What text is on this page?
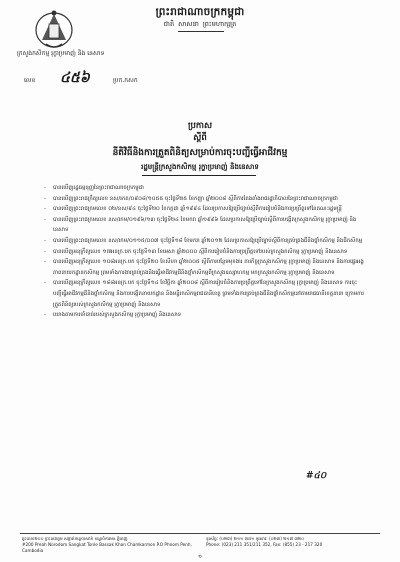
ព្រះរាជាណាចក្រកម្ពុជា
ជាតិ សាសនា ព្រះមហាក្សត្រ
ក្រសួងកសិកម្ម រុក្ខាប្រមាញ់ និង នេសាទ
លេខ ៤៥៦	ប្រក.កសក
ប្រកាស
ស្តីពី
នីតិវិធីនិងការត្រួតពិនិត្យសម្រាប់ការចុះបញ្ជីធ្វើអាជីវកម្ម
រដ្ឋមន្ត្រីក្រសួងកសិកម្ម រុក្ខាប្រមាញ់ និងនេសាទ
- បានឃើញរដ្ឋធម្មនុញ្ញនៃព្រះរាជាណាចក្រកម្ពុជា
- បានឃើញព្រះរាជក្រឹត្យលេខ នស/រកត/០៩០៨/១០៥៥ ចុះថ្ងៃទី២៥ ខែកញ្ញា ឆ្នាំ២០០៨ ស្តីពីការតែងតាំងរាជរដ្ឋាភិបាលនៃព្រះរាជាណាចក្រកម្ពុជា
- បានឃើញព្រះរាជក្រមលេខ ០២/នស/៩៤ ចុះថ្ងៃទី២០ ខែកក្កដា ឆ្នាំ១៩៩៤ ដែលប្រកាសឱ្យប្រើច្បាប់ស្តីពីការរៀបចំនិងការប្រព្រឹត្តទៅនៃគណៈរដ្ឋមន្ត្រី
- បានឃើញព្រះរាជក្រមលេខ នស/រកម/០១៩៦/១៣ ចុះថ្ងៃទី២៤ ខែមករា ឆ្នាំ១៩៩៦ ដែលប្រកាសឱ្យប្រើច្បាប់ស្តីពីការបង្កើតក្រសួងកសិកម្ម រុក្ខាប្រមាញ់ និងនេសាទ
- បានឃើញព្រះរាជក្រមលេខ នស/រកម/០១១៥/០០៧ ចុះថ្ងៃទី១៨ ខែមករា ឆ្នាំ២០១២ ដែលប្រកាសឱ្យប្រើច្បាប់ស្តីពីការគ្រប់គ្រងជីនិងថ្នាំកសិកម្ម និងជីកសិកម្ម
- បានឃើញអនុក្រឹត្យលេខ ១៧អនក្រ.បក ចុះថ្ងៃទី១៣ ខែមេសា ឆ្នាំ២០០០ ស្តីពីការរៀបចំនិងការប្រព្រឹត្តទៅរបស់ក្រសួងកសិកម្ម រុក្ខាប្រមាញ់ និងនេសាទ
- បានឃើញអនុក្រឹត្យលេខ ១០៨អនក្រ.បក ចុះថ្ងៃទី២០ ខែសីហា ឆ្នាំ២០០៥ ស្តីពីការបន្ថែមមុខងារ ភារកិច្ចក្រសួងកសិកម្ម រុក្ខាប្រមាញ់ និងនេសាទ និងការផ្ទេរអង្គភាពនាយកដ្ឋានកសិកម្ម ព្រមទាំងការងារគ្រប់គ្រងនិងធ្វើអាជីវកម្មជីនិងថ្នាំកសិកម្មពីក្រសួងឧស្សាហកម្ម មកក្រសួងកសិកម្ម រុក្ខាប្រមាញ់ និងនេសាទ
- បានឃើញអនុក្រឹត្យលេខ ១៨៨អនក្រ.បក ចុះថ្ងៃទី១៤ ខែវិច្ឆិកា ឆ្នាំ២០០៨ ស្តីពីការរៀបចំនិងការប្រព្រឹត្តទៅនៃក្រសួងកសិកម្ម រុក្ខាប្រមាញ់ និងនេសាទ ការចុះបញ្ជីធ្វើអាជីវកម្មជីនិងថ្នាំកសិកម្ម និងការបង្កើតនាយកដ្ឋាន និងមន្ទីរកសិកម្មរាជធានីខេត្ត ព្រមទាំងការគ្រប់គ្រងជីនិងថ្នាំកសិកម្មនៅតាមរាជធានីខេត្តនានា ក្រោមការត្រួតពិនិត្យរបស់ក្រសួងកសិកម្ម រុក្ខាប្រមាញ់ និងនេសាទ
- យោងតាមការចាំបាច់របស់ក្រសួងកសិកម្ម រុក្ខាប្រមាញ់ និងនេសាទ
#៤០
ផ្ទះលេខ២០០ ព្រះនរោត្តម សង្កាត់ទន្លេបាសាក់ ខណ្ឌចំការមន ភ្នំពេញ
#200 Preah Norodom Sangkat Tonle Bassak Khan Chamkarmon P.O Phnom Penh, Cambodia
ទូរស័ព្ទ: (០២៣) ២១១ ៣៥១ ទូរសារ: (០២៣) ២១៧ ៣២០
Phone: (023) 211 351/211 352, Fax: (855) 23 - 217 320
១
